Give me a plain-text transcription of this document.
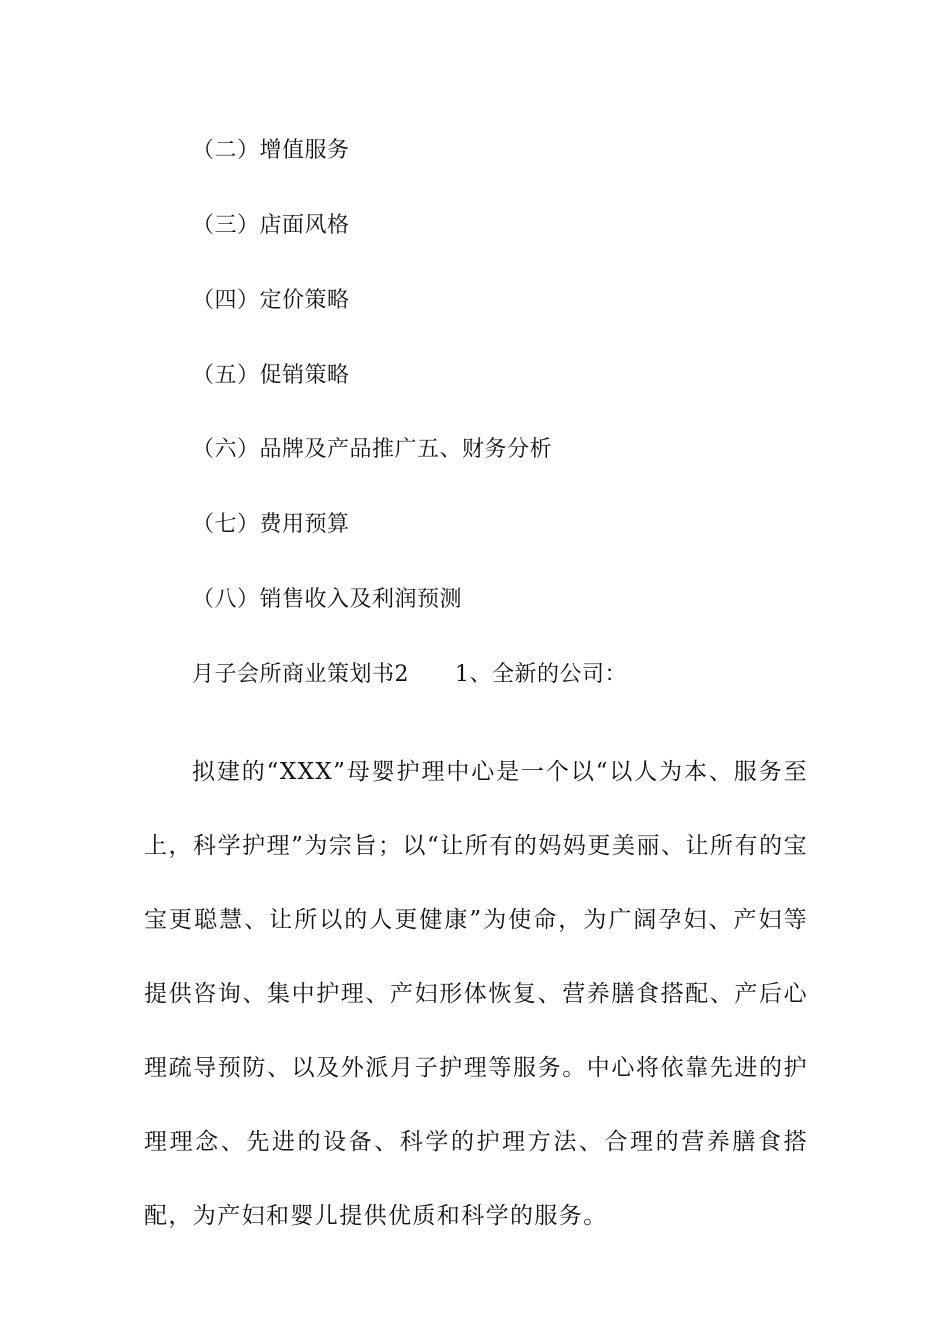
（二）增值服务
（三）店面风格
（四）定价策略
（五）促销策略
（六）品牌及产品推广五、财务分析
（七）费用预算
（八）销售收入及利润预测
月子会所商业策划书2 1、全新的公司：

拟建的“XXX”母婴护理中心是一个以“以人为本、服务至上，科学护理”为宗旨；以“让所有的妈妈更美丽、让所有的宝宝更聪慧、让所以的人更健康”为使命，为广阔孕妇、产妇等提供咨询、集中护理、产妇形体恢复、营养膳食搭配、产后心理疏导预防、以及外派月子护理等服务。中心将依靠先进的护理理念、先进的设备、科学的护理方法、合理的营养膳食搭配，为产妇和婴儿提供优质和科学的服务。
